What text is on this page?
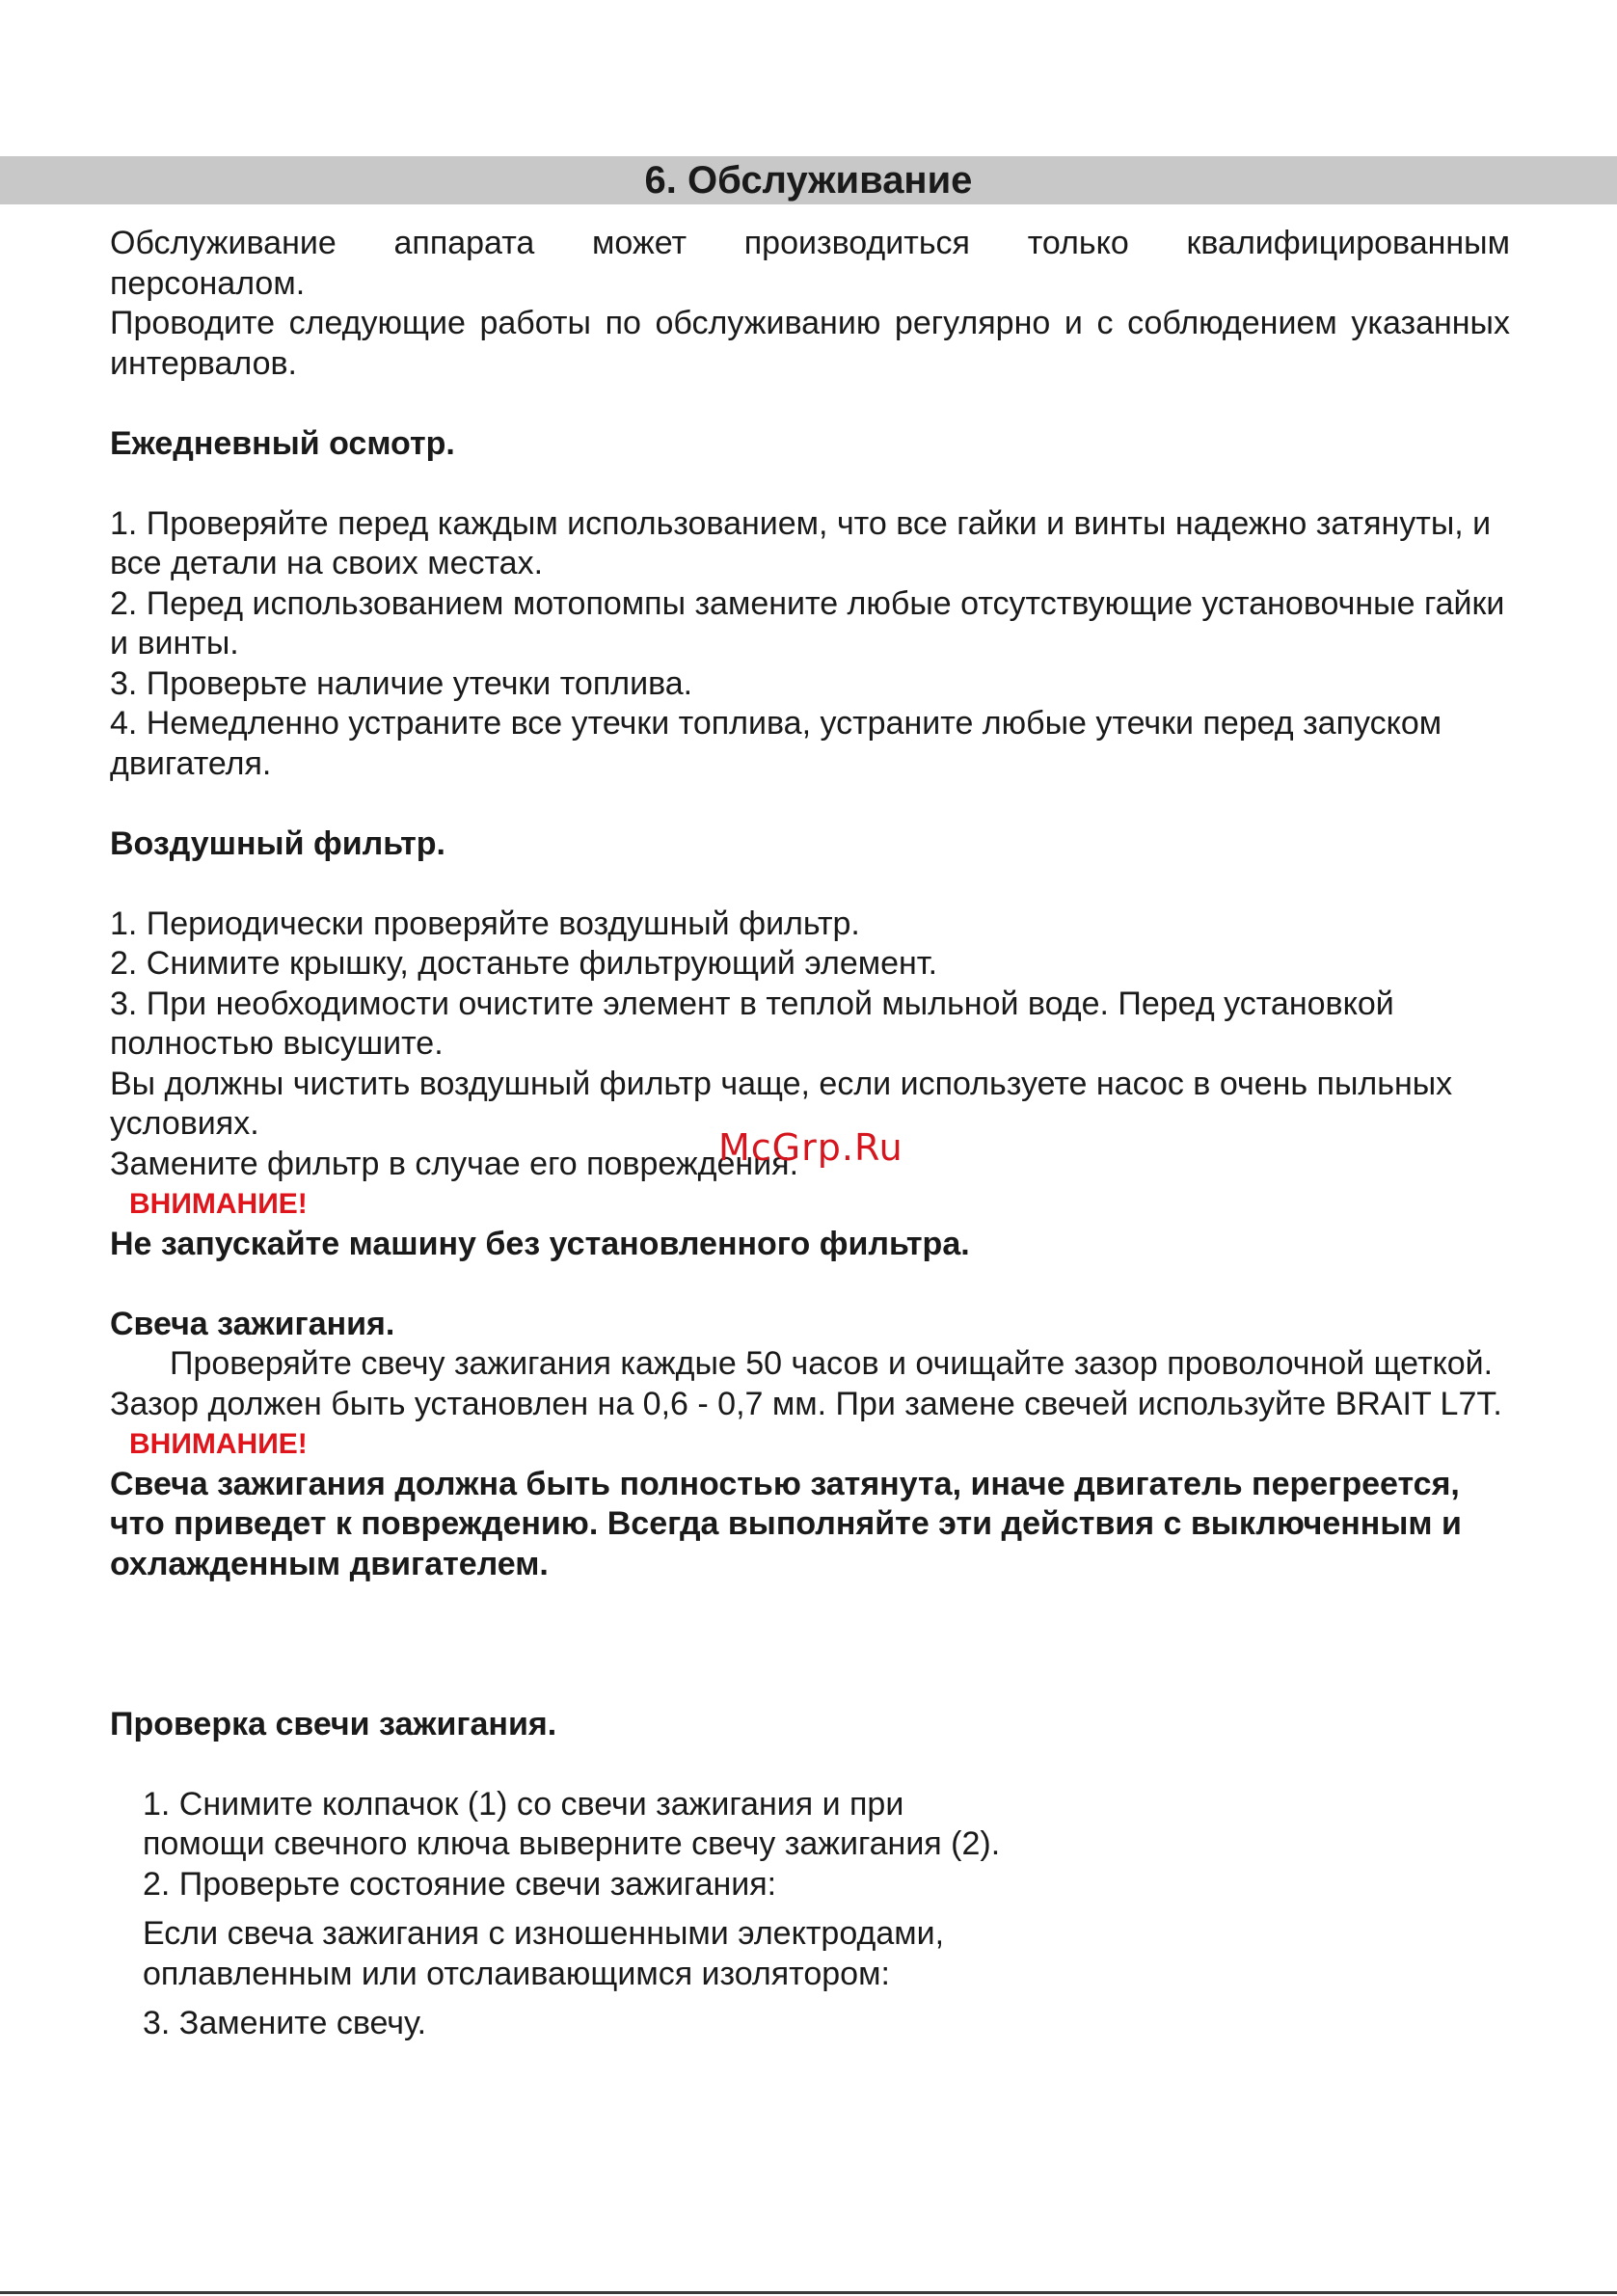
6. Обслуживание

Обслуживание аппарата может производиться только квалифицированным

персоналом.

Проводите следующие работы по обслуживанию регулярно и с соблюдением указанных интервалов.

Ежедневный осмотр.

1. Проверяйте перед каждым использованием, что все гайки и винты надежно затянуты, и все детали на своих местах.

2. Перед использованием мотопомпы замените любые отсутствующие установочные гайки и винты.

3. Проверьте наличие утечки топлива.

4. Немедленно устраните все утечки топлива, устраните любые утечки перед запуском двигателя.

Воздушный фильтр.

1. Периодически проверяйте воздушный фильтр.

2. Снимите крышку, достаньте фильтрующий элемент.

3. При необходимости очистите элемент в теплой мыльной воде. Перед установкой полностью высушите.

Вы должны чистить воздушный фильтр чаще, если используете насос в очень пыльных условиях.

Замените фильтр в случае его повреждения.

ВНИМАНИЕ!

Не запускайте машину без установленного фильтра.

Свеча зажигания.

Проверяйте свечу зажигания каждые 50 часов и очищайте зазор проволочной щеткой. Зазор должен быть установлен на 0,6 - 0,7 мм. При замене свечей используйте BRAIT L7T.

ВНИМАНИЕ!

Свеча зажигания должна быть полностью затянута, иначе двигатель перегреется, что приведет к повреждению. Всегда выполняйте эти действия с выключенным и охлажденным двигателем.

Проверка свечи зажигания.

1. Снимите колпачок (1) со свечи зажигания и при

помощи свечного ключа выверните свечу зажигания (2).

2. Проверьте состояние свечи зажигания:

Если свеча зажигания с изношенными электродами,

оплавленным или отслаивающимся изолятором:

3. Замените свечу.

McGrp.Ru
